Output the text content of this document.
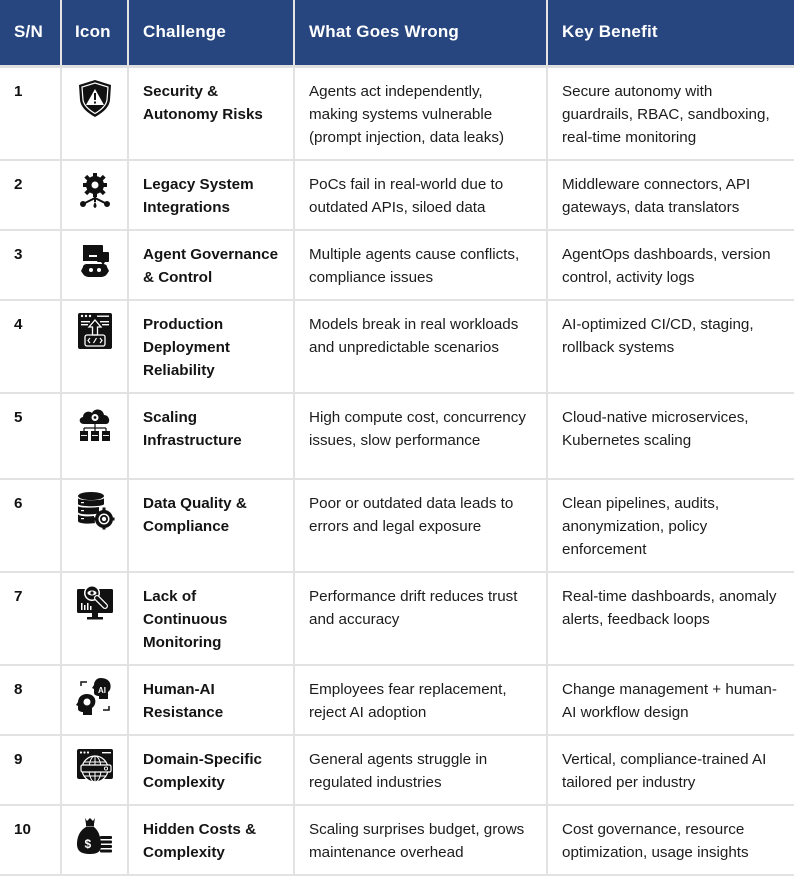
S/N	Icon	Challenge	What Goes Wrong	Key Benefit
1		Security & Autonomy Risks	Agents act independently, making systems vulnerable (prompt injection, data leaks)	Secure autonomy with guardrails, RBAC, sandboxing, real-time monitoring
2		Legacy System Integrations	PoCs fail in real-world due to outdated APIs, siloed data	Middleware connectors, API gateways, data translators
3		Agent Governance & Control	Multiple agents cause conflicts, compliance issues	AgentOps dashboards, version control, activity logs
4		Production Deployment Reliability	Models break in real workloads and unpredictable scenarios	AI-optimized CI/CD, staging, rollback systems
5		Scaling Infrastructure	High compute cost, concurrency issues, slow performance	Cloud-native microservices, Kubernetes scaling
6		Data Quality & Compliance	Poor or outdated data leads to errors and legal exposure	Clean pipelines, audits, anonymization, policy enforcement
7		Lack of Continuous Monitoring	Performance drift reduces trust and accuracy	Real-time dashboards, anomaly alerts, feedback loops
8	AI	Human-AI Resistance	Employees fear replacement, reject AI adoption	Change management + human-AI workflow design
9		Domain-Specific Complexity	General agents struggle in regulated industries	Vertical, compliance-trained AI tailored per industry
10	$	Hidden Costs & Complexity	Scaling surprises budget, grows maintenance overhead	Cost governance, resource optimization, usage insights
